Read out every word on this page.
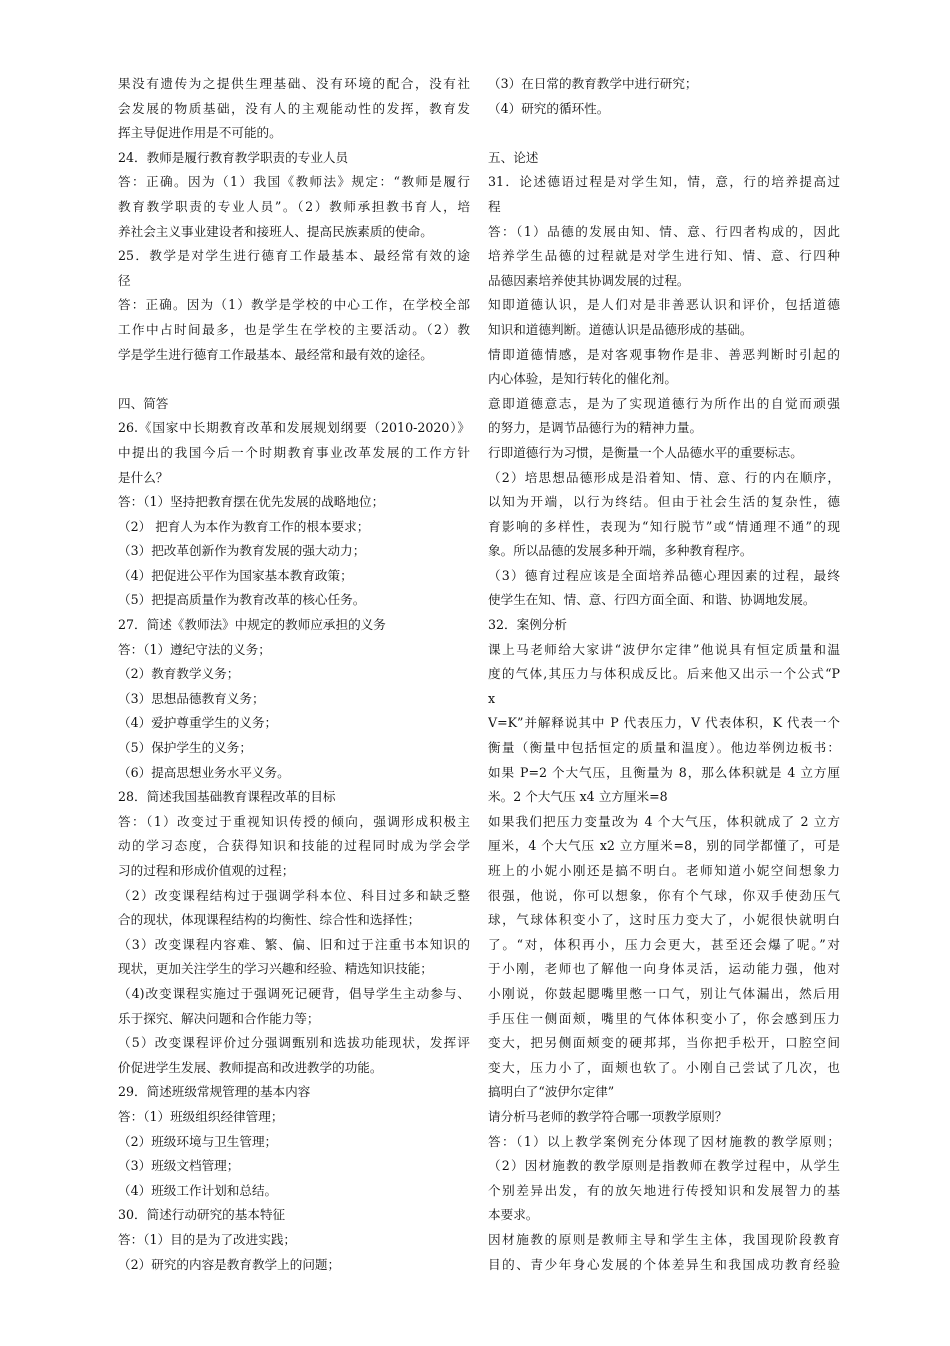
果没有遗传为之提供生理基础、没有环境的配合，没有社
会发展的物质基础，没有人的主观能动性的发挥，教育发
挥主导促进作用是不可能的。
24．教师是履行教育教学职责的专业人员
答：正确。因为（1）我国《教师法》规定：“教师是履行
教育教学职责的专业人员”。（2）教师承担教书育人，培
养社会主义事业建设者和接班人、提高民族素质的使命。
25．教学是对学生进行德育工作最基本、最经常有效的途
径
答：正确。因为（1）教学是学校的中心工作，在学校全部
工作中占时间最多，也是学生在学校的主要活动。（2）教
学是学生进行德育工作最基本、最经常和最有效的途径。
四、简答
26.《国家中长期教育改革和发展规划纲要（2010-2020）》
中提出的我国今后一个时期教育事业改革发展的工作方针
是什么？
答：（1）坚持把教育摆在优先发展的战略地位；
（2） 把育人为本作为教育工作的根本要求；
（3）把改革创新作为教育发展的强大动力；
（4）把促进公平作为国家基本教育政策；
（5）把提高质量作为教育改革的核心任务。
27．简述《教师法》中规定的教师应承担的义务
答：（1）遵纪守法的义务；
（2）教育教学义务；
（3）思想品德教育义务；
（4）爱护尊重学生的义务；
（5）保护学生的义务；
（6）提高思想业务水平义务。
28．简述我国基础教育课程改革的目标
答：（1）改变过于重视知识传授的倾向，强调形成积极主
动的学习态度，合获得知识和技能的过程同时成为学会学
习的过程和形成价值观的过程；
（2）改变课程结构过于强调学科本位、科目过多和缺乏整
合的现状，体现课程结构的均衡性、综合性和选择性；
（3）改变课程内容难、繁、偏、旧和过于注重书本知识的
现状，更加关注学生的学习兴趣和经验、精选知识技能；
（4)改变课程实施过于强调死记硬背，倡导学生主动参与、
乐于探究、解决问题和合作能力等；
（5）改变课程评价过分强调甄别和选拔功能现状，发挥评
价促进学生发展、教师提高和改进教学的功能。
29．简述班级常规管理的基本内容
答：（1）班级组织经律管理；
（2）班级环境与卫生管理；
（3）班级文档管理；
（4）班级工作计划和总结。
30．简述行动研究的基本特征
答：（1）目的是为了改进实践；
（2）研究的内容是教育教学上的问题；
（3）在日常的教育教学中进行研究；
（4）研究的循环性。
五、论述
31．论述德语过程是对学生知，情，意，行的培养提高过
程
答：（1）品德的发展由知、情、意、行四者构成的，因此
培养学生品德的过程就是对学生进行知、情、意、行四种
品德因素培养使其协调发展的过程。
知即道德认识，是人们对是非善恶认识和评价，包括道德
知识和道德判断。道德认识是品德形成的基础。
情即道德情感，是对客观事物作是非、善恶判断时引起的
内心体验，是知行转化的催化剂。
意即道德意志，是为了实现道德行为所作出的自觉而顽强
的努力，是调节品德行为的精神力量。
行即道德行为习惯，是衡量一个人品德水平的重要标志。
（2）培思想品德形成是沿着知、情、意、行的内在顺序，
以知为开端，以行为终结。但由于社会生活的复杂性，德
育影响的多样性，表现为“知行脱节”或“情通理不通”的现
象。所以品德的发展多种开端，多种教育程序。
（3）德育过程应该是全面培养品德心理因素的过程，最终
使学生在知、情、意、行四方面全面、和谐、协调地发展。
32．案例分析
课上马老师给大家讲“波伊尔定律”他说具有恒定质量和温
度的气体,其压力与体积成反比。后来他又出示一个公式“P
x
V=K”并解释说其中 P 代表压力，V 代表体积，K 代表一个
衡量（衡量中包括恒定的质量和温度）。他边举例边板书：
如果 P=2 个大气压，且衡量为 8，那么体积就是 4 立方厘
米。2 个大气压 x4 立方厘米=8
如果我们把压力变量改为 4 个大气压，体积就成了 2 立方
厘米，4 个大气压 x2 立方厘米=8，别的同学都懂了，可是
班上的小妮小刚还是搞不明白。老师知道小妮空间想象力
很强，他说，你可以想象，你有个气球，你双手使劲压气
球，气球体积变小了，这时压力变大了，小妮很快就明白
了。“对，体积再小，压力会更大，甚至还会爆了呢。”对
于小刚，老师也了解他一向身体灵活，运动能力强，他对
小刚说，你鼓起腮嘴里憋一口气，别让气体漏出，然后用
手压住一侧面颊，嘴里的气体体积变小了，你会感到压力
变大，把另侧面颊变的硬邦邦，当你把手松开，口腔空间
变大，压力小了，面颊也软了。小刚自己尝试了几次，也
搞明白了“波伊尔定律”
请分析马老师的教学符合哪一项教学原则？
答：（1）以上教学案例充分体现了因材施教的教学原则；
（2）因材施教的教学原则是指教师在教学过程中，从学生
个别差异出发，有的放矢地进行传授知识和发展智力的基
本要求。
因材施教的原则是教师主导和学生主体，我国现阶段教育
目的、青少年身心发展的个体差异生和我国成功教育经验
